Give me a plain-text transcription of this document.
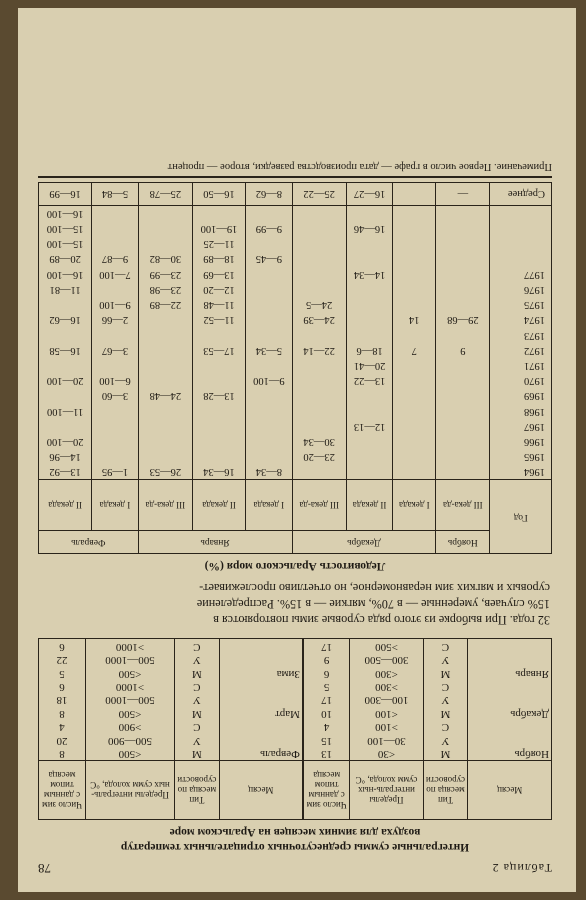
Таблица 2
78
Интегральные суммы среднесуточных отрицательных температур
воздуха для зимних месяцев на Аральском море
Месяц	Тип месяца по суровости	Пределы интеграль-ных сумм холода, °С	Число зим с данным типом месяца	Месяц	Тип месяца по суровости	Пределы интеграль-ных сумм холода, °С	Число зим с данным типом месяца
Ноябрь	М	<30	13	Февраль	М	<500	8
	У	30—100	15		У	500—900	20
	С	>100	4		С	>900	4
Декабрь	М	<100	10	Март	М	<500	8
	У	100—300	17		У	500—1000	18
	С	>300	5		С	>1000	6
Январь	М	<300	6	Зима	М	<500	5
	У	300—500	9		У	500—1000	22
	С	>500	17		С	>1000	6
32 года. При выборке из этого ряда суровые зимы повторяются в
15% случаев, умеренные — в 70%, мягкие — в 15%. Распределение
суровых и мягких зим неравномерное, но отчетливо прослеживает-
Ледовитость Аральского моря (%)
Год	Ноябрь	Декабрь			Январь			Февраль	
	III дека-да	I декада	II декада	III дека-да	I декада	II декада	III дека-да	I декада	II декада
1964					8—34	16—34	26—53	1—95	13—92
1965				23—20					14—96
1966				30—34					20—100
1967			12—13						
1968									11—100
1969						13—28	24—48	3—60	
1970			13—22		9—100			6—100	20—100
1971			20—41						
1972	9	7	18—6	22—14	5—34	17—53		3—67	16—58
1973									
1974	29—68	14		24—39		11—52		2—66	16—62
1975				24—5		11—48	22—89	9—100	
1976						12—20	23—98		11—81
1977			14—34			13—69	23—99	7—100	16—100
					9—45	18—89	30—82	9—87	20—89
						11—25			15—100
			16—46		9—99	19—100			15—100
									16—100
Среднее	—		16—27	25—22	8—62	16—50	25—78	5—84	16—99
Примечание. Первое число в графе — дата производства разведки, второе — процент
